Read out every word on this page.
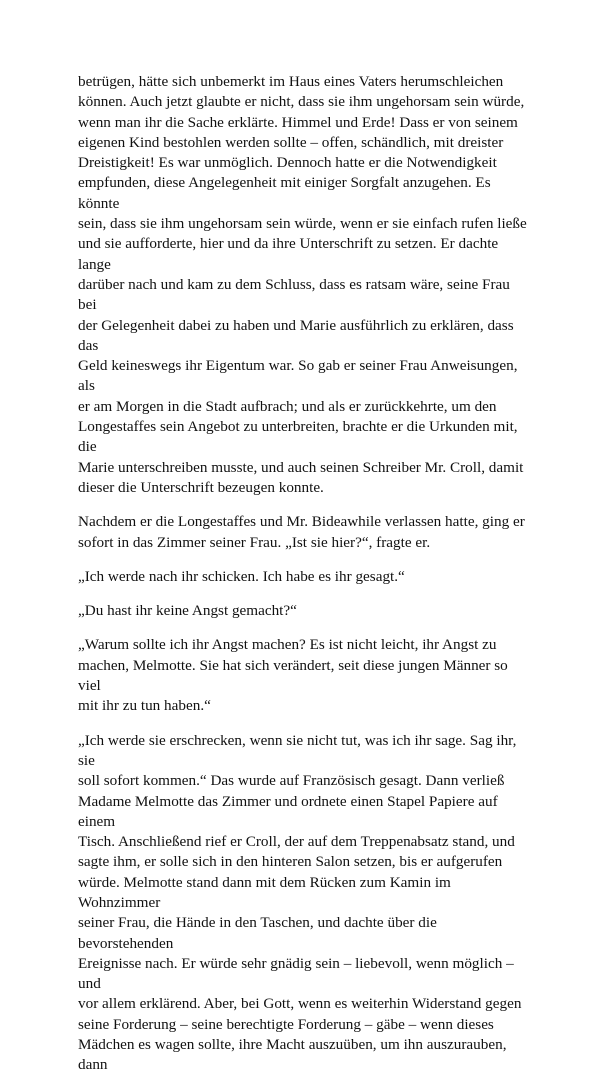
betrügen, hätte sich unbemerkt im Haus eines Vaters herumschleichen
können. Auch jetzt glaubte er nicht, dass sie ihm ungehorsam sein würde,
wenn man ihr die Sache erklärte. Himmel und Erde! Dass er von seinem
eigenen Kind bestohlen werden sollte – offen, schändlich, mit dreister
Dreistigkeit! Es war unmöglich. Dennoch hatte er die Notwendigkeit
empfunden, diese Angelegenheit mit einiger Sorgfalt anzugehen. Es könnte
sein, dass sie ihm ungehorsam sein würde, wenn er sie einfach rufen ließe
und sie aufforderte, hier und da ihre Unterschrift zu setzen. Er dachte lange
darüber nach und kam zu dem Schluss, dass es ratsam wäre, seine Frau bei
der Gelegenheit dabei zu haben und Marie ausführlich zu erklären, dass das
Geld keineswegs ihr Eigentum war. So gab er seiner Frau Anweisungen, als
er am Morgen in die Stadt aufbrach; und als er zurückkehrte, um den
Longestaffes sein Angebot zu unterbreiten, brachte er die Urkunden mit, die
Marie unterschreiben musste, und auch seinen Schreiber Mr. Croll, damit
dieser die Unterschrift bezeugen konnte.

Nachdem er die Longestaffes und Mr. Bideawhile verlassen hatte, ging er
sofort in das Zimmer seiner Frau. „Ist sie hier?“, fragte er.

„Ich werde nach ihr schicken. Ich habe es ihr gesagt.“

„Du hast ihr keine Angst gemacht?“

„Warum sollte ich ihr Angst machen? Es ist nicht leicht, ihr Angst zu
machen, Melmotte. Sie hat sich verändert, seit diese jungen Männer so viel
mit ihr zu tun haben.“

„Ich werde sie erschrecken, wenn sie nicht tut, was ich ihr sage. Sag ihr, sie
soll sofort kommen.“ Das wurde auf Französisch gesagt. Dann verließ
Madame Melmotte das Zimmer und ordnete einen Stapel Papiere auf einem
Tisch. Anschließend rief er Croll, der auf dem Treppenabsatz stand, und
sagte ihm, er solle sich in den hinteren Salon setzen, bis er aufgerufen
würde. Melmotte stand dann mit dem Rücken zum Kamin im Wohnzimmer
seiner Frau, die Hände in den Taschen, und dachte über die bevorstehenden
Ereignisse nach. Er würde sehr gnädig sein – liebevoll, wenn möglich – und
vor allem erklärend. Aber, bei Gott, wenn es weiterhin Widerstand gegen
seine Forderung – seine berechtigte Forderung – gäbe – wenn dieses
Mädchen es wagen sollte, ihre Macht auszuüben, um ihn auszurauben, dann
